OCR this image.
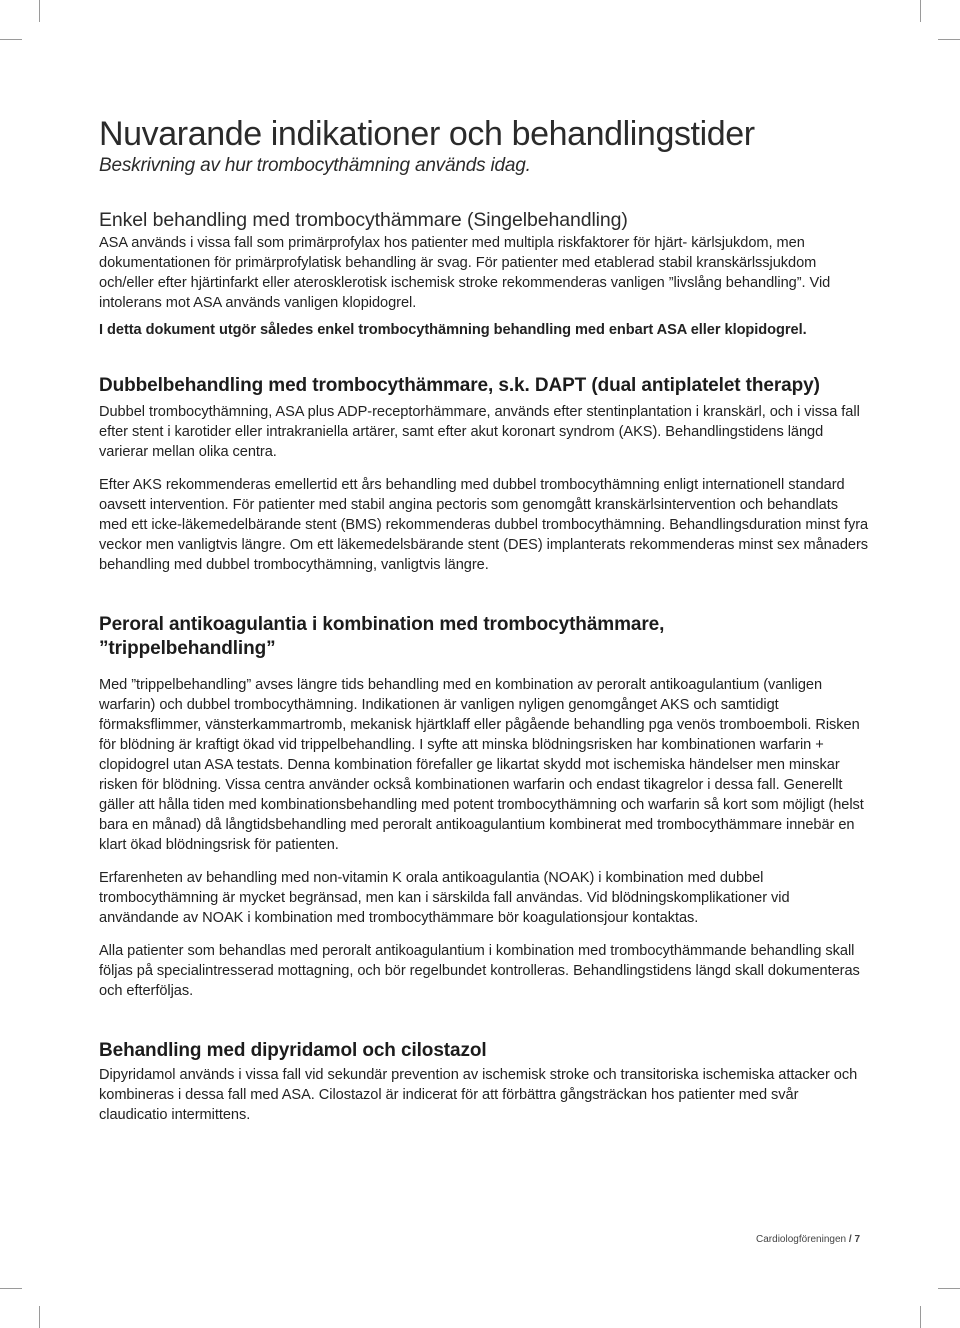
Nuvarande indikationer och behandlingstider

Beskrivning av hur trombocythämning används idag.

Enkel behandling med trombocythämmare (Singelbehandling)

ASA används i vissa fall som primärprofylax hos patienter med multipla riskfaktorer för hjärt- kärlsjukdom, men dokumentationen för primärprofylatisk behandling är svag. För patienter med etablerad stabil kranskärlssjukdom och/eller efter hjärtinfarkt eller aterosklerotisk ischemisk stroke rekommenderas vanligen ”livslång behandling”. Vid intolerans mot ASA används vanligen klopidogrel.

I detta dokument utgör således enkel trombocythämning behandling med enbart ASA eller klopidogrel.

Dubbelbehandling med trombocythämmare, s.k. DAPT (dual antiplatelet therapy)

Dubbel trombocythämning, ASA plus ADP-receptorhämmare, används efter stentinplantation i kranskärl, och i vissa fall efter stent i karotider eller intrakraniella artärer, samt efter akut koronart syndrom (AKS). Behandlingstidens längd varierar mellan olika centra.

Efter AKS rekommenderas emellertid ett års behandling med dubbel trombocythämning enligt internationell standard oavsett intervention. För patienter med stabil angina pectoris som genomgått kranskärlsintervention och behandlats med ett icke-läkemedelbärande stent (BMS) rekommenderas dubbel trombocythämning. Behandlingsduration minst fyra veckor men vanligtvis längre. Om ett läkemedelsbärande stent (DES) implanterats rekommenderas minst sex månaders behandling med dubbel trombocythämning, vanligtvis längre.

Peroral antikoagulantia i kombination med trombocythämmare,
”trippelbehandling”

Med ”trippelbehandling” avses längre tids behandling med en kombination av peroralt antikoagulantium (vanligen warfarin) och dubbel trombocythämning. Indikationen är vanligen nyligen genomgånget AKS och samtidigt förmaksflimmer, vänsterkammartromb, mekanisk hjärtklaff eller pågående behandling pga venös tromboemboli. Risken för blödning är kraftigt ökad vid trippelbehandling. I syfte att minska blödningsrisken har kombinationen warfarin + clopidogrel utan ASA testats. Denna kombination förefaller ge likartat skydd mot ischemiska händelser men minskar risken för blödning. Vissa centra använder också kombinationen warfarin och endast tikagrelor i dessa fall. Generellt gäller att hålla tiden med kombinationsbehandling med potent trombocythämning och warfarin så kort som möjligt (helst bara en månad) då långtidsbehandling med peroralt antikoagulantium kombinerat med trombocythämmare innebär en klart ökad blödningsrisk för patienten.

Erfarenheten av behandling med non-vitamin K orala antikoagulantia (NOAK) i kombination med dubbel trombocythämning är mycket begränsad, men kan i särskilda fall användas. Vid blödningskomplikationer vid användande av NOAK i kombination med trombocythämmare bör koagulationsjour kontaktas.

Alla patienter som behandlas med peroralt antikoagulantium i kombination med trombocythämmande behandling skall följas på specialintresserad mottagning, och bör regelbundet kontrolleras. Behandlingstidens längd skall dokumenteras och efterföljas.

Behandling med dipyridamol och cilostazol

Dipyridamol används i vissa fall vid sekundär prevention av ischemisk stroke och transitoriska ischemiska attacker och kombineras i dessa fall med ASA. Cilostazol är indicerat för att förbättra gångsträckan hos patienter med svår claudicatio intermittens.

Cardiologföreningen / 7
